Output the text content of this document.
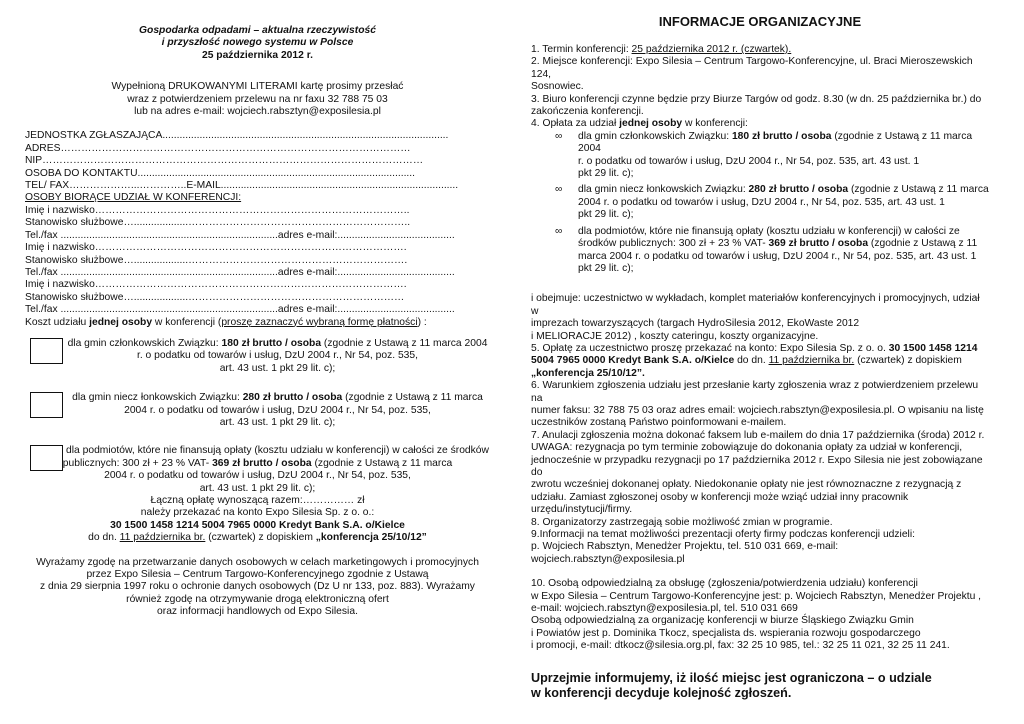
Gospodarka odpadami – aktualna rzeczywistość
i przyszłość nowego systemu w Polsce
25 października 2012 r.
Wypełnioną DRUKOWANYMI LITERAMI kartę prosimy przesłać
wraz z potwierdzeniem przelewu na nr faxu 32 788 75 03
lub na adres e-mail: wojciech.rabsztyn@exposilesia.pl
JEDNOSTKA ZGŁASZAJĄCA....................................................................................................
ADRES…………………………………………………………………………………………
NIP…………………………………………………………………………………………………
OSOBA DO KONTAKTU.................................................................................................
TEL/ FAX………………...…………..E-MAIL...................................................................................
OSOBY BIORĄCE UDZIAŁ W KONFERENCJI:
Imię i nazwisko………………………………………………………………………………..
Stanowisko służbowe…...................………………………………………………………..
Tel./fax ............................................................................adres e-mail:.........................................
Imię i nazwisko……………………………………………………………………………….
Stanowisko służbowe…...................……………………………………………………….
Tel./fax ............................................................................adres e-mail:.........................................
Imię i nazwisko……………………………………………………………………………….
Stanowisko służbowe…...................………………………………………………………
Tel./fax ............................................................................adres e-mail:.........................................
Koszt udziału jednej osoby w konferencji (proszę zaznaczyć wybraną formę płatności) :
dla gmin członkowskich Związku: 180 zł brutto / osoba (zgodnie z Ustawą z 11 marca 2004
r. o podatku od towarów i usług, DzU 2004 r., Nr 54, poz. 535,
art. 43 ust. 1 pkt 29 lit. c);
dla gmin niecz łonkowskich Związku: 280 zł brutto / osoba (zgodnie z Ustawą z 11 marca
2004 r. o podatku od towarów i usług, DzU 2004 r., Nr 54, poz. 535,
art. 43 ust. 1 pkt 29 lit. c);
dla podmiotów, które nie finansują opłaty (kosztu udziału w konferencji) w całości ze środków
publicznych: 300 zł + 23 % VAT- 369 zł brutto / osoba (zgodnie z Ustawą z 11 marca
2004 r. o podatku od towarów i usług, DzU 2004 r., Nr 54, poz. 535,
art. 43 ust. 1 pkt 29 lit. c);
Łączną opłatę wynoszącą razem:…………… zł
należy przekazać na konto Expo Silesia Sp. z o. o.:
30 1500 1458 1214 5004 7965 0000 Kredyt Bank S.A. o/Kielce
do dn. 11 października br. (czwartek) z dopiskiem „konferencja 25/10/12”
Wyrażamy zgodę na przetwarzanie danych osobowych w celach marketingowych i promocyjnych
przez Expo Silesia – Centrum Targowo-Konferencyjnego zgodnie z Ustawą
z dnia 29 sierpnia 1997 roku o ochronie danych osobowych (Dz U nr 133, poz. 883). Wyrażamy
również zgodę na otrzymywanie drogą elektroniczną ofert
oraz informacji handlowych od Expo Silesia.
INFORMACJE ORGANIZACYJNE
1. Termin konferencji: 25 października 2012 r. (czwartek).
2. Miejsce konferencji: Expo Silesia – Centrum Targowo-Konferencyjne, ul. Braci Mieroszewskich 124,
Sosnowiec.
3. Biuro konferencji czynne będzie przy Biurze Targów od godz. 8.30 (w dn. 25 października br.) do
zakończenia konferencji.
4. Opłata za udział jednej osoby w konferencji:
∞ dla gmin członkowskich Związku: 180 zł brutto / osoba (zgodnie z Ustawą z 11 marca 2004
r. o podatku od towarów i usług, DzU 2004 r., Nr 54, poz. 535, art. 43 ust. 1
pkt 29 lit. c);
∞ dla gmin niecz łonkowskich Związku: 280 zł brutto / osoba (zgodnie z Ustawą z 11 marca
2004 r. o podatku od towarów i usług, DzU 2004 r., Nr 54, poz. 535, art. 43 ust. 1
pkt 29 lit. c);
∞ dla podmiotów, które nie finansują opłaty (kosztu udziału w konferencji) w całości ze
środków publicznych: 300 zł + 23 % VAT- 369 zł brutto / osoba (zgodnie z Ustawą z 11
marca 2004 r. o podatku od towarów i usług, DzU 2004 r., Nr 54, poz. 535, art. 43 ust. 1
pkt 29 lit. c);
i obejmuje: uczestnictwo w wykładach, komplet materiałów konferencyjnych i promocyjnych, udział w
imprezach towarzyszących (targach HydroSilesia 2012, EkoWaste 2012
i MELIORACJE 2012) , koszty cateringu, koszty organizacyjne.
5. Opłatę za uczestnictwo proszę przekazać na konto: Expo Silesia Sp. z o. o. 30 1500 1458 1214
5004 7965 0000 Kredyt Bank S.A. o/Kielce do dn. 11 października br. (czwartek) z dopiskiem
„konferencja 25/10/12”.
6. Warunkiem zgłoszenia udziału jest przesłanie karty zgłoszenia wraz z potwierdzeniem przelewu na
numer faksu: 32 788 75 03 oraz adres email: wojciech.rabsztyn@exposilesia.pl. O wpisaniu na listę
uczestników zostaną Państwo poinformowani e-mailem.
7. Anulacji zgłoszenia można dokonać faksem lub e-mailem do dnia 17 października (środa) 2012 r.
UWAGA: rezygnacja po tym terminie zobowiązuje do dokonania opłaty za udział w konferencji,
jednocześnie w przypadku rezygnacji po 17 października 2012 r. Expo Silesia nie jest zobowiązane do
zwrotu wcześniej dokonanej opłaty. Niedokonanie opłaty nie jest równoznaczne z rezygnacją z
udziału. Zamiast zgłoszonej osoby w konferencji może wziąć udział inny pracownik
urzędu/instytucji/firmy.
8. Organizatorzy zastrzegają sobie możliwość zmian w programie.
9.Informacji na temat możliwości prezentacji oferty firmy podczas konferencji udzieli:
p. Wojciech Rabsztyn, Menedżer Projektu, tel. 510 031 669, e-mail: wojciech.rabsztyn@exposilesia.pl
10. Osobą odpowiedzialną za obsługę (zgłoszenia/potwierdzenia udziału) konferencji
w Expo Silesia – Centrum Targowo-Konferencyjne jest: p. Wojciech Rabsztyn, Menedżer Projektu ,
e-mail: wojciech.rabsztyn@exposilesia.pl, tel. 510 031 669
Osobą odpowiedzialną za organizację konferencji w biurze Śląskiego Związku Gmin
i Powiatów jest p. Dominika Tkocz, specjalista ds. wspierania rozwoju gospodarczego
i promocji, e-mail: dtkocz@silesia.org.pl, fax: 32 25 10 985, tel.: 32 25 11 021, 32 25 11 241.
Uprzejmie informujemy, iż ilość miejsc jest ograniczona – o udziale
w konferencji decyduje kolejność zgłoszeń.
